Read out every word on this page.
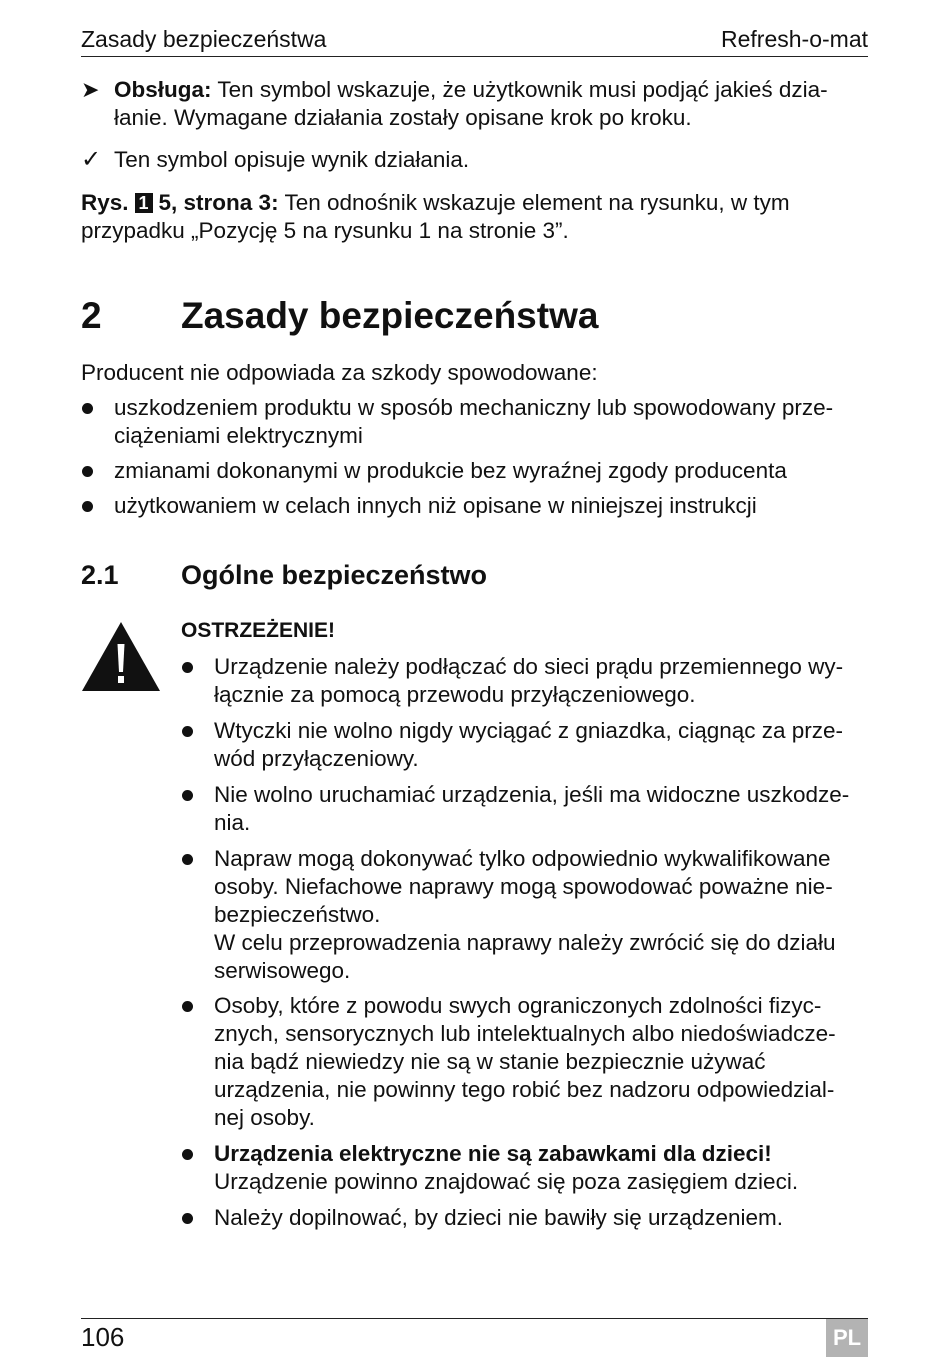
Zasady bezpieczeństwa	Refresh-o-mat
➤ Obsługa: Ten symbol wskazuje, że użytkownik musi podjąć jakieś dzia-
łanie. Wymagane działania zostały opisane krok po kroku.
✓ Ten symbol opisuje wynik działania.
Rys. 1 5, strona 3: Ten odnośnik wskazuje element na rysunku, w tym
przypadku „Pozycję 5 na rysunku 1 na stronie 3”.
2 Zasady bezpieczeństwa
Producent nie odpowiada za szkody spowodowane:
uszkodzeniem produktu w sposób mechaniczny lub spowodowany prze-
ciążeniami elektrycznymi
zmianami dokonanymi w produkcie bez wyraźnej zgody producenta
użytkowaniem w celach innych niż opisane w niniejszej instrukcji
2.1 Ogólne bezpieczeństwo
OSTRZEŻENIE!
Urządzenie należy podłączać do sieci prądu przemiennego wy-
łącznie za pomocą przewodu przyłączeniowego.
Wtyczki nie wolno nigdy wyciągać z gniazdka, ciągnąc za prze-
wód przyłączeniowy.
Nie wolno uruchamiać urządzenia, jeśli ma widoczne uszkodze-
nia.
Napraw mogą dokonywać tylko odpowiednio wykwalifikowane
osoby. Niefachowe naprawy mogą spowodować poważne nie-
bezpieczeństwo.
W celu przeprowadzenia naprawy należy zwrócić się do działu
serwisowego.
Osoby, które z powodu swych ograniczonych zdolności fizyc-
znych, sensorycznych lub intelektualnych albo niedoświadcze-
nia bądź niewiedzy nie są w stanie bezpiecznie używać
urządzenia, nie powinny tego robić bez nadzoru odpowiedzial-
nej osoby.
Urządzenia elektryczne nie są zabawkami dla dzieci!
Urządzenie powinno znajdować się poza zasięgiem dzieci.
Należy dopilnować, by dzieci nie bawiły się urządzeniem.
106	PL
